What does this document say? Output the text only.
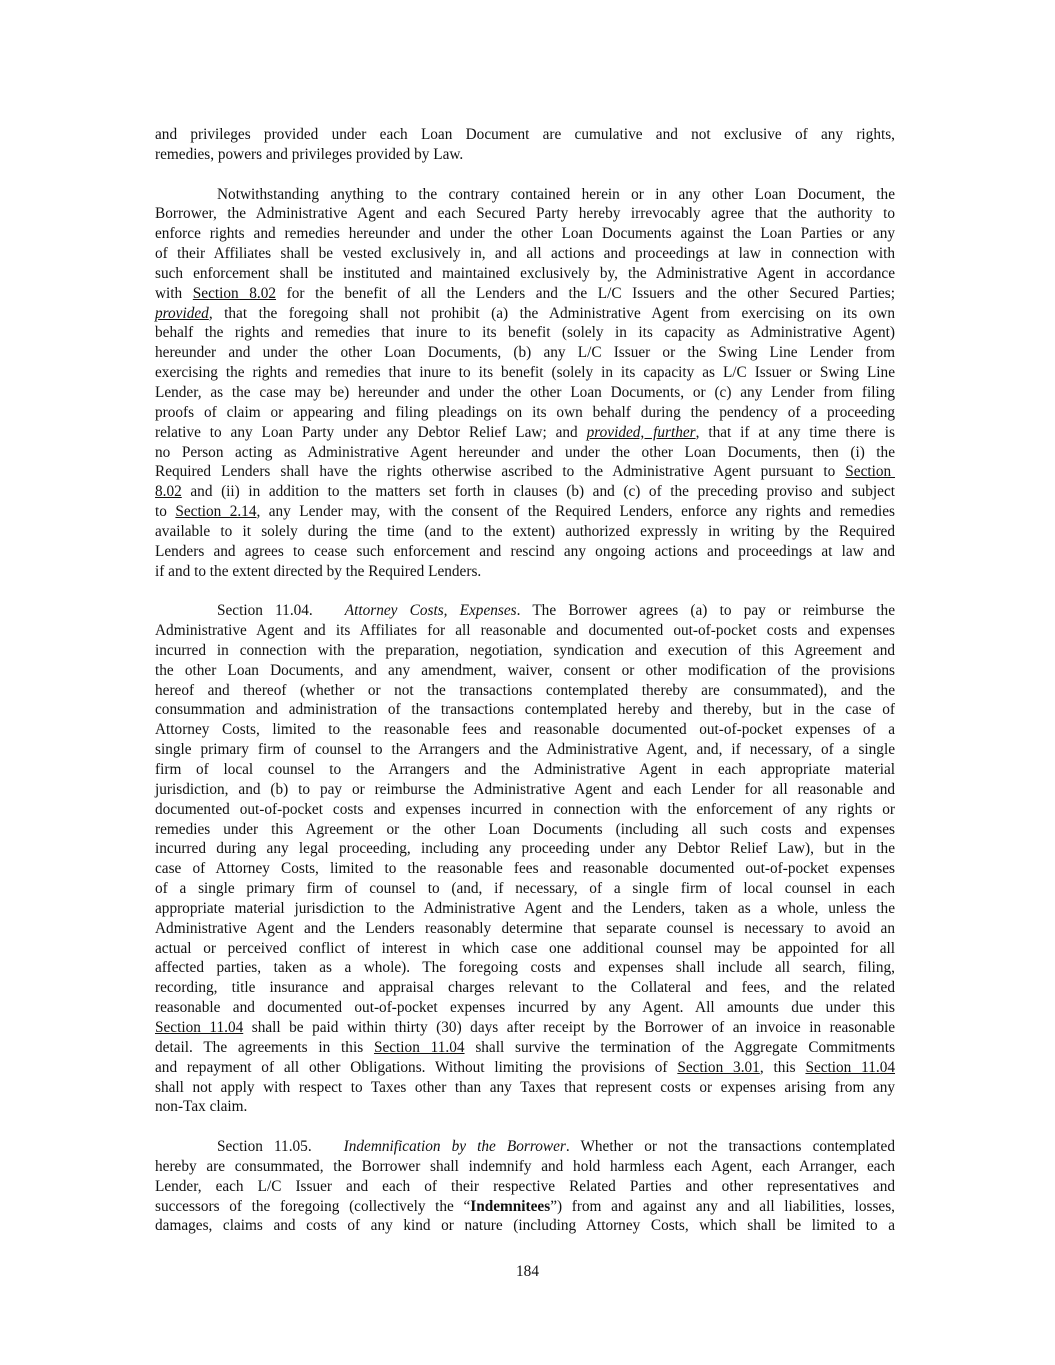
and privileges provided under each Loan Document are cumulative and not exclusive of any rights,
remedies, powers and privileges provided by Law.
Notwithstanding anything to the contrary contained herein or in any other Loan Document, the
Borrower, the Administrative Agent and each Secured Party hereby irrevocably agree that the authority to
enforce rights and remedies hereunder and under the other Loan Documents against the Loan Parties or any
of their Affiliates shall be vested exclusively in, and all actions and proceedings at law in connection with
such enforcement shall be instituted and maintained exclusively by, the Administrative Agent in accordance
with Section 8.02 for the benefit of all the Lenders and the L/C Issuers and the other Secured Parties;
provided, that the foregoing shall not prohibit (a) the Administrative Agent from exercising on its own
behalf the rights and remedies that inure to its benefit (solely in its capacity as Administrative Agent)
hereunder and under the other Loan Documents, (b) any L/C Issuer or the Swing Line Lender from
exercising the rights and remedies that inure to its benefit (solely in its capacity as L/C Issuer or Swing Line
Lender, as the case may be) hereunder and under the other Loan Documents, or (c) any Lender from filing
proofs of claim or appearing and filing pleadings on its own behalf during the pendency of a proceeding
relative to any Loan Party under any Debtor Relief Law; and provided, further, that if at any time there is
no Person acting as Administrative Agent hereunder and under the other Loan Documents, then (i) the
Required Lenders shall have the rights otherwise ascribed to the Administrative Agent pursuant to Section
8.02 and (ii) in addition to the matters set forth in clauses (b) and (c) of the preceding proviso and subject
to Section 2.14, any Lender may, with the consent of the Required Lenders, enforce any rights and remedies
available to it solely during the time (and to the extent) authorized expressly in writing by the Required
Lenders and agrees to cease such enforcement and rescind any ongoing actions and proceedings at law and
if and to the extent directed by the Required Lenders.
Section 11.04. Attorney Costs, Expenses. The Borrower agrees (a) to pay or reimburse the
Administrative Agent and its Affiliates for all reasonable and documented out-of-pocket costs and expenses
incurred in connection with the preparation, negotiation, syndication and execution of this Agreement and
the other Loan Documents, and any amendment, waiver, consent or other modification of the provisions
hereof and thereof (whether or not the transactions contemplated thereby are consummated), and the
consummation and administration of the transactions contemplated hereby and thereby, but in the case of
Attorney Costs, limited to the reasonable fees and reasonable documented out-of-pocket expenses of a
single primary firm of counsel to the Arrangers and the Administrative Agent, and, if necessary, of a single
firm of local counsel to the Arrangers and the Administrative Agent in each appropriate material
jurisdiction, and (b) to pay or reimburse the Administrative Agent and each Lender for all reasonable and
documented out-of-pocket costs and expenses incurred in connection with the enforcement of any rights or
remedies under this Agreement or the other Loan Documents (including all such costs and expenses
incurred during any legal proceeding, including any proceeding under any Debtor Relief Law), but in the
case of Attorney Costs, limited to the reasonable fees and reasonable documented out-of-pocket expenses
of a single primary firm of counsel to (and, if necessary, of a single firm of local counsel in each
appropriate material jurisdiction to the Administrative Agent and the Lenders, taken as a whole, unless the
Administrative Agent and the Lenders reasonably determine that separate counsel is necessary to avoid an
actual or perceived conflict of interest in which case one additional counsel may be appointed for all
affected parties, taken as a whole). The foregoing costs and expenses shall include all search, filing,
recording, title insurance and appraisal charges relevant to the Collateral and fees, and the related
reasonable and documented out-of-pocket expenses incurred by any Agent. All amounts due under this
Section 11.04 shall be paid within thirty (30) days after receipt by the Borrower of an invoice in reasonable
detail. The agreements in this Section 11.04 shall survive the termination of the Aggregate Commitments
and repayment of all other Obligations. Without limiting the provisions of Section 3.01, this Section 11.04
shall not apply with respect to Taxes other than any Taxes that represent costs or expenses arising from any
non-Tax claim.
Section 11.05. Indemnification by the Borrower. Whether or not the transactions contemplated
hereby are consummated, the Borrower shall indemnify and hold harmless each Agent, each Arranger, each
Lender, each L/C Issuer and each of their respective Related Parties and other representatives and
successors of the foregoing (collectively the “Indemnitees”) from and against any and all liabilities, losses,
damages, claims and costs of any kind or nature (including Attorney Costs, which shall be limited to a
184
